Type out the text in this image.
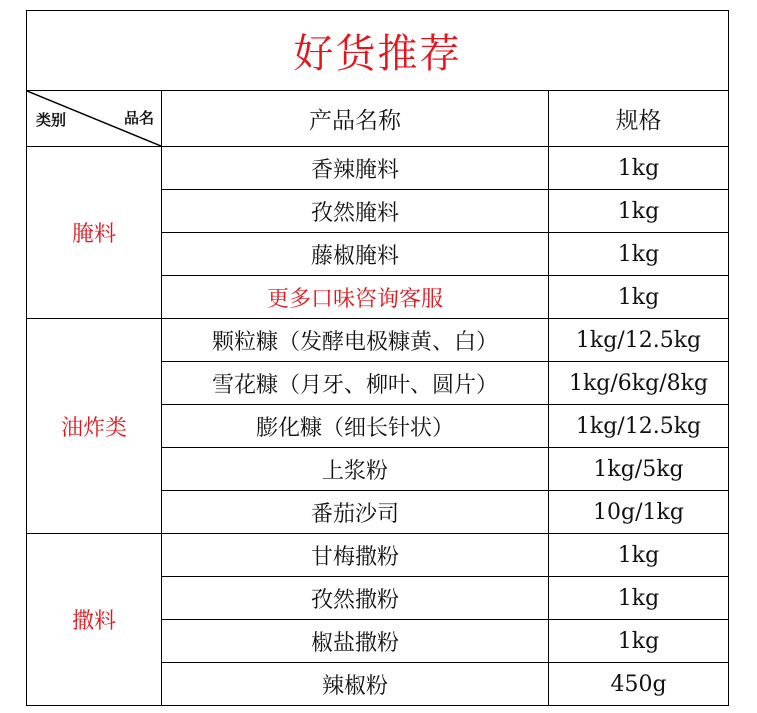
好货推荐		

类别 品名	产品名称	规格
腌料	香辣腌料	1kg
	孜然腌料	1kg
	藤椒腌料	1kg
	更多口味咨询客服	1kg
油炸类	颗粒糠（发酵电极糠黄、白）	1kg/12.5kg
	雪花糠（月牙、柳叶、圆片）	1kg/6kg/8kg
	膨化糠（细长针状）	1kg/12.5kg
	上浆粉	1kg/5kg
	番茄沙司	10g/1kg
撒料	甘梅撒粉	1kg
	孜然撒粉	1kg
	椒盐撒粉	1kg
	辣椒粉	450g
